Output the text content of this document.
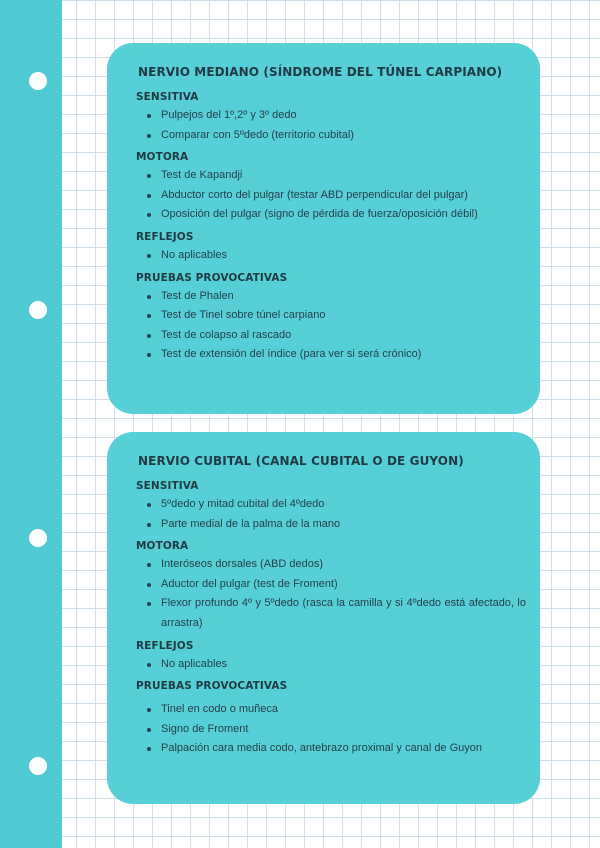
NERVIO MEDIANO (SÍNDROME DEL TÚNEL CARPIANO)
SENSITIVA
Pulpejos del 1º,2º y 3º dedo
Comparar con 5ºdedo (territorio cubital)
MOTORA
Test de Kapandji
Abductor corto del pulgar (testar ABD perpendicular del pulgar)
Oposición del pulgar (signo de pérdida de fuerza/oposición débil)
REFLEJOS
No aplicables
PRUEBAS PROVOCATIVAS
Test de Phalen
Test de Tinel sobre túnel carpiano
Test de colapso al rascado
Test de extensión del índice (para ver si será crónico)
NERVIO CUBITAL (CANAL CUBITAL O DE GUYON)
SENSITIVA
5ºdedo y mitad cubital del 4ºdedo
Parte medial de la palma de la mano
MOTORA
Interóseos dorsales (ABD dedos)
Aductor del pulgar (test de Froment)
Flexor profundo 4º y 5ºdedo (rasca la camilla y si 4ºdedo está afectado, lo arrastra)
REFLEJOS
No aplicables
PRUEBAS PROVOCATIVAS
Tinel en codo o muñeca
Signo de Froment
Palpación cara media codo, antebrazo proximal y canal de Guyon
